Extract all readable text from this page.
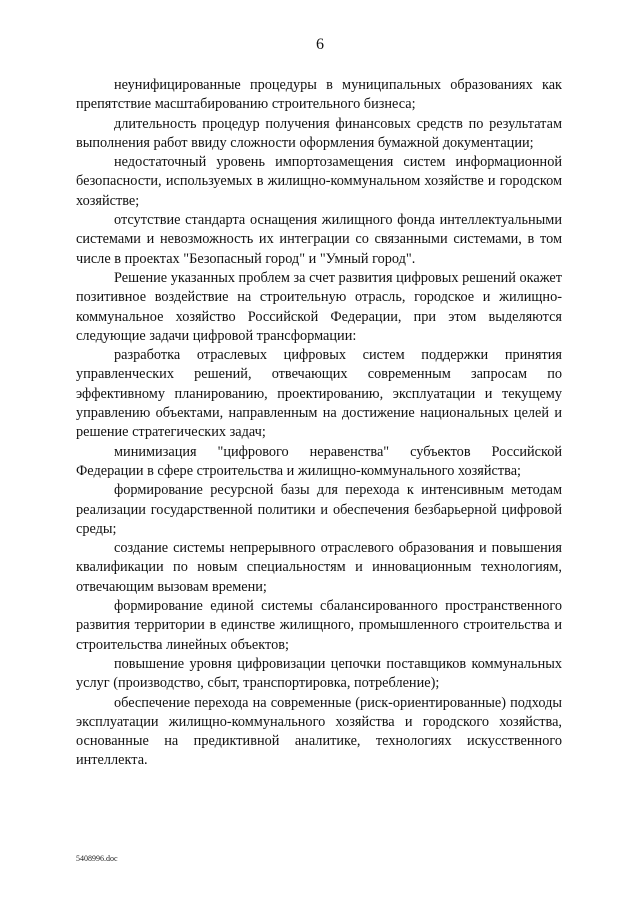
6

неунифицированные процедуры в муниципальных образованиях как препятствие масштабированию строительного бизнеса;

длительность процедур получения финансовых средств по результатам выполнения работ ввиду сложности оформления бумажной документации;

недостаточный уровень импортозамещения систем информационной безопасности, используемых в жилищно-коммунальном хозяйстве и городском хозяйстве;

отсутствие стандарта оснащения жилищного фонда интеллектуальными системами и невозможность их интеграции со связанными системами, в том числе в проектах "Безопасный город" и "Умный город".

Решение указанных проблем за счет развития цифровых решений окажет позитивное воздействие на строительную отрасль, городское и жилищно-коммунальное хозяйство Российской Федерации, при этом выделяются следующие задачи цифровой трансформации:

разработка отраслевых цифровых систем поддержки принятия управленческих решений, отвечающих современным запросам по эффективному планированию, проектированию, эксплуатации и текущему управлению объектами, направленным на достижение национальных целей и решение стратегических задач;

минимизация "цифрового неравенства" субъектов Российской Федерации в сфере строительства и жилищно-коммунального хозяйства;

формирование ресурсной базы для перехода к интенсивным методам реализации государственной политики и обеспечения безбарьерной цифровой среды;

создание системы непрерывного отраслевого образования и повышения квалификации по новым специальностям и инновационным технологиям, отвечающим вызовам времени;

формирование единой системы сбалансированного пространственного развития территории в единстве жилищного, промышленного строительства и строительства линейных объектов;

повышение уровня цифровизации цепочки поставщиков коммунальных услуг (производство, сбыт, транспортировка, потребление);

обеспечение перехода на современные (риск-ориентированные) подходы эксплуатации жилищно-коммунального хозяйства и городского хозяйства, основанные на предиктивной аналитике, технологиях искусственного интеллекта.

5408996.doc
